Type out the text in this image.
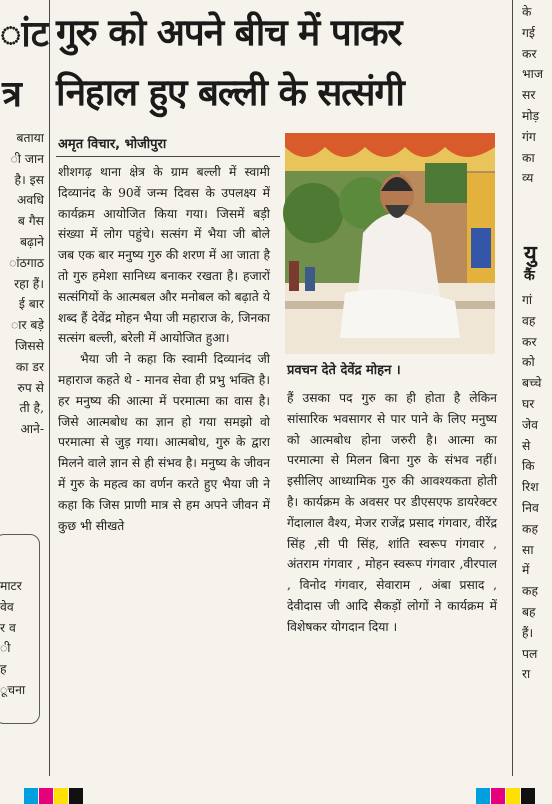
ांट
त्र
बताया
ी जान
है। इस
अवधि
ब गैस
बढ़ाने
ांठगाठ
रहा हैं।
ई बार
ार बड़े
जिससे
का डर
रुप से
ती है,
आने-
माटर
वेव
र व
ी
ह
ूचना
गुरु को अपने बीच में पाकर
निहाल हुए बल्ली के सत्संगी
अमृत विचार, भोजीपुरा

शीशगढ़ थाना क्षेत्र के ग्राम बल्ली में स्वामी दिव्यानंद के 90वें जन्म दिवस के उपलक्ष्य में कार्यक्रम आयोजित किया गया। जिसमें बड़ी संख्या में लोग पहुंचे। सत्संग में भैया जी बोले जब एक बार मनुष्य गुरु की शरण में आ जाता है तो गुरु हमेशा सानिध्य बनाकर रखता है। हजारों सत्संगियों के आत्मबल और मनोबल को बढ़ाते ये शब्द हैं देवेंद्र मोहन भैया जी महाराज के, जिनका सत्संग बल्ली, बरेली में आयोजित हुआ।

भैया जी ने कहा कि स्वामी दिव्यानंद जी महाराज कहते थे - मानव सेवा ही प्रभु भक्ति है। हर मनुष्य की आत्मा में परमात्मा का वास है। जिसे आत्मबोध का ज्ञान हो गया समझो वो परमात्मा से जुड़ गया। आत्मबोध, गुरु के द्वारा मिलने वाले ज्ञान से ही संभव है। मनुष्य के जीवन में गुरु के महत्व का वर्णन करते हुए भैया जी ने कहा कि जिस प्राणी मात्र से हम अपने जीवन में कुछ भी सीखते

प्रवचन देते देवेंद्र मोहन ।

हैं उसका पद गुरु का ही होता है लेकिन सांसारिक भवसागर से पार पाने के लिए मनुष्य को आत्मबोध होना जरुरी है। आत्मा का परमात्मा से मिलन बिना गुरु के संभव नहीं। इसीलिए आध्यामिक गुरु की आवश्यकता होती है। कार्यक्रम के अवसर पर डीएसएफ डायरेक्टर गेंदालाल वैश्य, मेजर राजेंद्र प्रसाद गंगवार, वीरेंद्र सिंह ,सी पी सिंह, शांति स्वरूप गंगवार , अंतराम गंगवार , मोहन स्वरूप गंगवार ,वीरपाल , विनोद गंगवार, सेवाराम , अंबा प्रसाद , देवीदास जी आदि सैकड़ों लोगों ने कार्यक्रम में विशेषकर योगदान दिया ।

के
गई
कर
भाज
सर
मोड़
गंग
का
व्य
यु
कैं
गां
वह
कर
को
बच्चे
घर
जेव
से
कि
रिश
निव
कह
सा
में
कह
बह
हैं।
पल
रा
